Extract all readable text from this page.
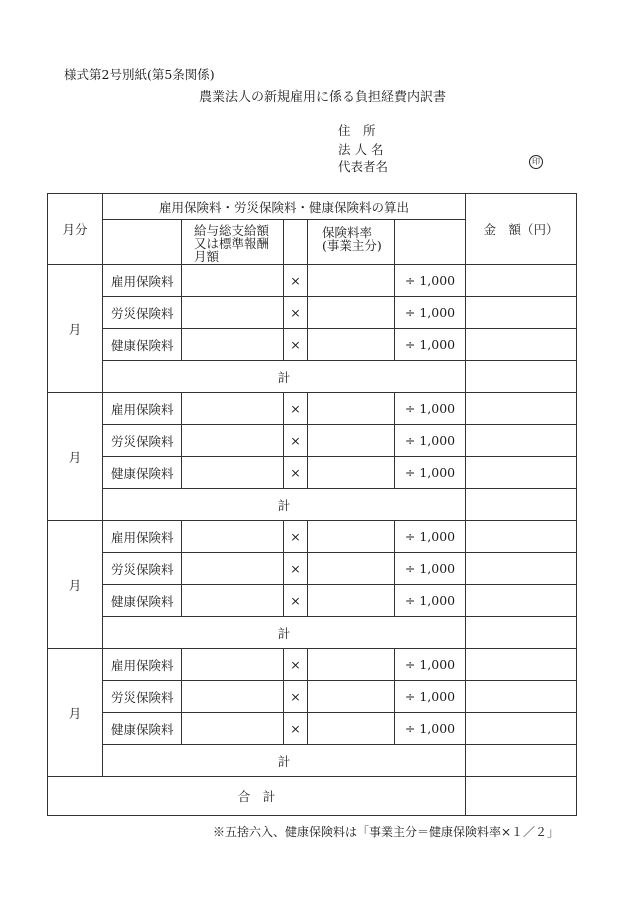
様式第2号別紙(第5条関係)
農業法人の新規雇用に係る負担経費内訳書
住　所
法 人 名
代表者名	印
月分	雇用保険料・労災保険料・健康保険料の算出					金　額（円）
		給与総支給額
又は標準報酬
月額		保険料率
(事業主分)		
月	雇用保険料		×		÷ 1,000	
	労災保険料		×		÷ 1,000	
	健康保険料		×		÷ 1,000	
	計					
月	雇用保険料		×		÷ 1,000	
	労災保険料		×		÷ 1,000	
	健康保険料		×		÷ 1,000	
	計					
月	雇用保険料		×		÷ 1,000	
	労災保険料		×		÷ 1,000	
	健康保険料		×		÷ 1,000	
	計					
月	雇用保険料		×		÷ 1,000	
	労災保険料		×		÷ 1,000	
	健康保険料		×		÷ 1,000	
	計					
合　計						
※五捨六入、健康保険料は「事業主分＝健康保険料率×１／２」
